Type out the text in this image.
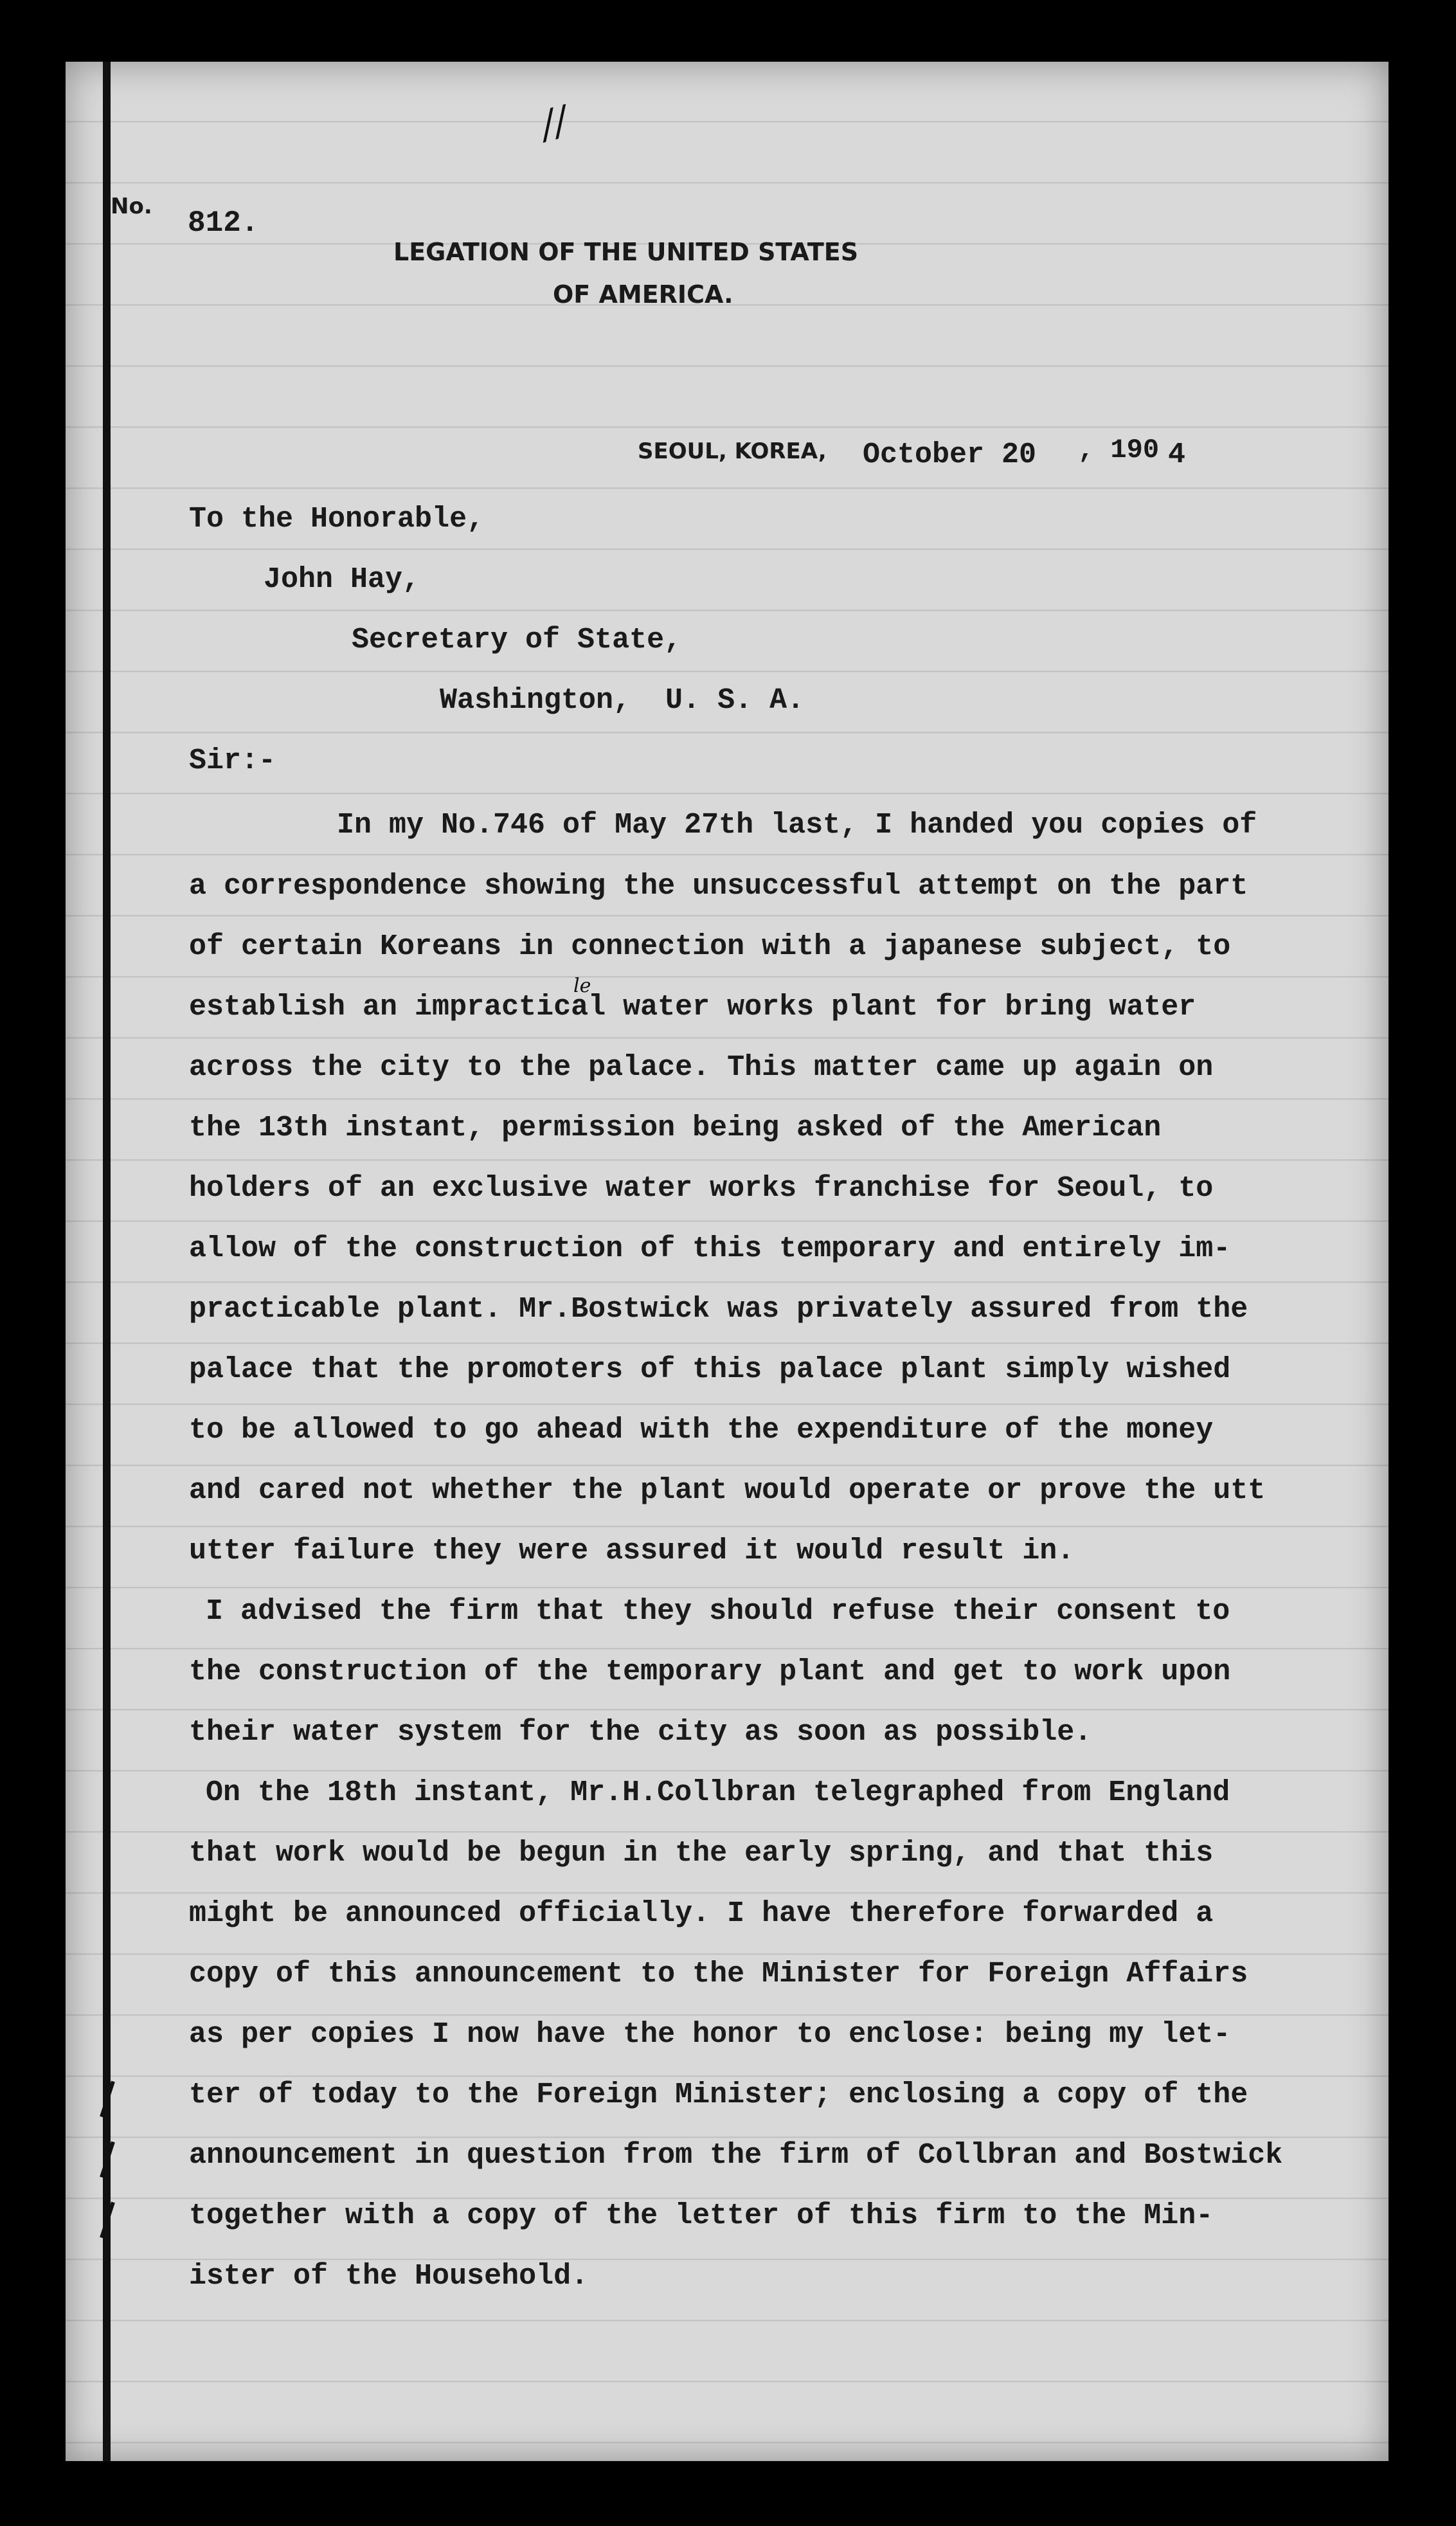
//
No. 812.
LEGATION OF THE UNITED STATES
OF AMERICA.
SEOUL, KOREA, October 20 , 190 4
To the Honorable,
John Hay,
Secretary of State,
Washington,  U. S. A.
Sir:-
le
In my No.746 of May 27th last, I handed you copies of
a correspondence showing the unsuccessful attempt on the part
of certain Koreans in connection with a japanese subject, to
establish an impractical water works plant for bring water
across the city to the palace. This matter came up again on
the 13th instant, permission being asked of the American
holders of an exclusive water works franchise for Seoul, to
allow of the construction of this temporary and entirely im-
practicable plant. Mr.Bostwick was privately assured from the
palace that the promoters of this palace plant simply wished
to be allowed to go ahead with the expenditure of the money
and cared not whether the plant would operate or prove the utt
utter failure they were assured it would result in.
I advised the firm that they should refuse their consent to
the construction of the temporary plant and get to work upon
their water system for the city as soon as possible.
On the 18th instant, Mr.H.Collbran telegraphed from England
that work would be begun in the early spring, and that this
might be announced officially. I have therefore forwarded a
copy of this announcement to the Minister for Foreign Affairs
as per copies I now have the honor to enclose: being my let-
ter of today to the Foreign Minister; enclosing a copy of the
announcement in question from the firm of Collbran and Bostwick
together with a copy of the letter of this firm to the Min-
ister of the Household.
